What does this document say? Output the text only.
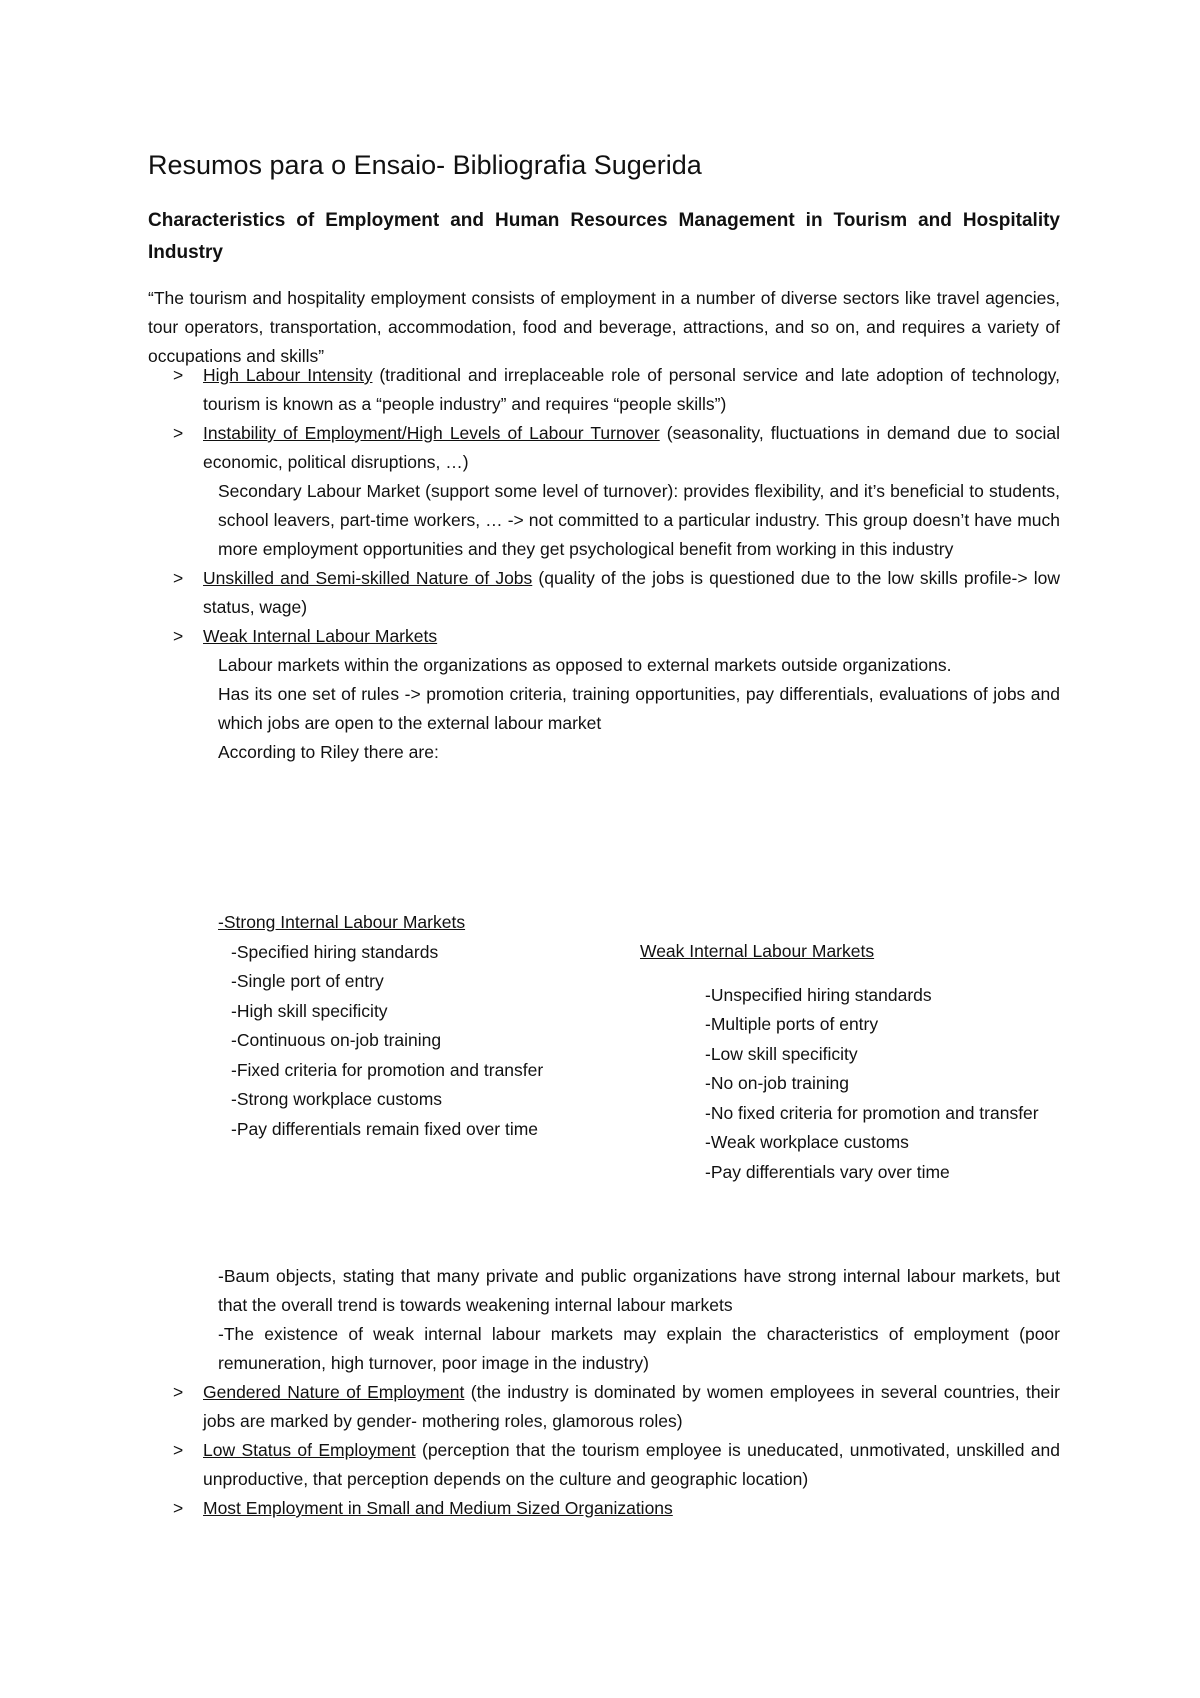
Resumos para o Ensaio- Bibliografia Sugerida
Characteristics of Employment and Human Resources Management in Tourism and Hospitality Industry

“The tourism and hospitality employment consists of employment in a number of diverse sectors like travel agencies, tour operators, transportation, accommodation, food and beverage, attractions, and so on, and requires a variety of occupations and skills”

> High Labour Intensity (traditional and irreplaceable role of personal service and late adoption of technology, tourism is known as a “people industry” and requires “people skills”)
> Instability of Employment/High Levels of Labour Turnover (seasonality, fluctuations in demand due to social economic, political disruptions, …)
Secondary Labour Market (support some level of turnover): provides flexibility, and it’s beneficial to students, school leavers, part-time workers, … -> not committed to a particular industry. This group doesn’t have much more employment opportunities and they get psychological benefit from working in this industry
> Unskilled and Semi-skilled Nature of Jobs (quality of the jobs is questioned due to the low skills profile-> low status, wage)
> Weak Internal Labour Markets
Labour markets within the organizations as opposed to external markets outside organizations.
Has its one set of rules -> promotion criteria, training opportunities, pay differentials, evaluations of jobs and which jobs are open to the external labour market
According to Riley there are:
-Strong Internal Labour Markets
-Specified hiring standards
-Single port of entry
-High skill specificity
-Continuous on-job training
-Fixed criteria for promotion and transfer
-Strong workplace customs
-Pay differentials remain fixed over time
Weak Internal Labour Markets
-Unspecified hiring standards
-Multiple ports of entry
-Low skill specificity
-No on-job training
-No fixed criteria for promotion and transfer
-Weak workplace customs
-Pay differentials vary over time
-Baum objects, stating that many private and public organizations have strong internal labour markets, but that the overall trend is towards weakening internal labour markets
-The existence of weak internal labour markets may explain the characteristics of employment (poor remuneration, high turnover, poor image in the industry)
> Gendered Nature of Employment (the industry is dominated by women employees in several countries, their jobs are marked by gender- mothering roles, glamorous roles)
> Low Status of Employment (perception that the tourism employee is uneducated, unmotivated, unskilled and unproductive, that perception depends on the culture and geographic location)
> Most Employment in Small and Medium Sized Organizations
